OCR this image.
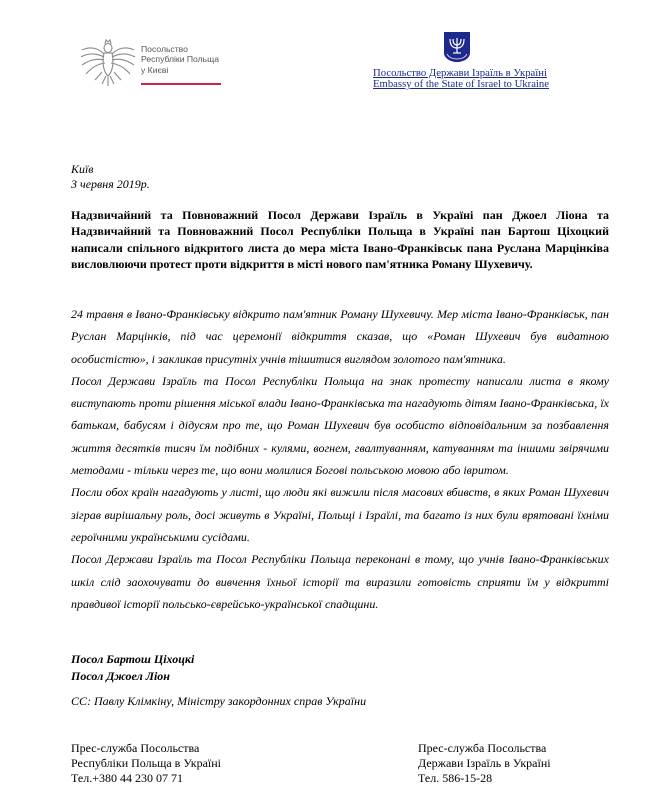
Посольство
Республіки Польща
у Києві	Посольство Держави Ізраїль в Україні
Embassy of the State of Israel to Ukraine
Київ
3 червня 2019р.
Надзвичайний та Повноважний Посол Держави Ізраїль в Україні пан Джоел Ліона та Надзвичайний та Повноважний Посол Республіки Польща в Україні пан Бартош Ціхоцкий написали спільного відкритого листа до мера міста Івано-Франківськ пана Руслана Марцінківа висловлюючи протест проти відкриття в місті нового пам'ятника Роману Шухевичу.

24 травня в Івано-Франківську відкрито пам'ятник Роману Шухевичу. Мер міста Івано-Франківськ, пан Руслан Марцінків, під час церемонії відкриття сказав, що «Роман Шухевич був видатною особистістю», і закликав присутніх учнів тішитися виглядом золотого пам'ятника.

Посол Держави Ізраїль та Посол Республіки Польща на знак протесту написали листа в якому виступають проти рішення міської влади Івано-Франківська та нагадують дітям Івано-Франківська, їх батькам, бабусям і дідусям про те, що Роман Шухевич був особисто відповідальним за позбавлення життя десятків тисяч їм подібних - кулями, вогнем, гвалтуванням, катуванням та іншими звірячими методами - тільки через те, що вони молилися Богові польською мовою або івритом.

Посли обох країн нагадують у листі, що люди які вижили після масових вбивств, в яких Роман Шухевич зіграв вирішальну роль, досі живуть в Україні, Польщі і Ізраїлі, та багато із них були врятовані їхніми героїчними українськими сусідами.

Посол Держави Ізраїль та Посол Республіки Польща переконані в тому, що учнів Івано-Франківських шкіл слід заохочувати до вивчення їхньої історії та виразили готовість сприяти їм у відкритті правдивої історії польсько-єврейсько-української спадщини.

Посол Бартош Ціхоцкі
Посол Джоел Ліон
CC: Павлу Клімкіну, Міністру закордонних справ України
Прес-служба Посольства
Республіки Польща в Україні
Тел.+380 44 230 07 71
Прес-служба Посольства
Держави Ізраїль в Україні
Тел. 586-15-28
